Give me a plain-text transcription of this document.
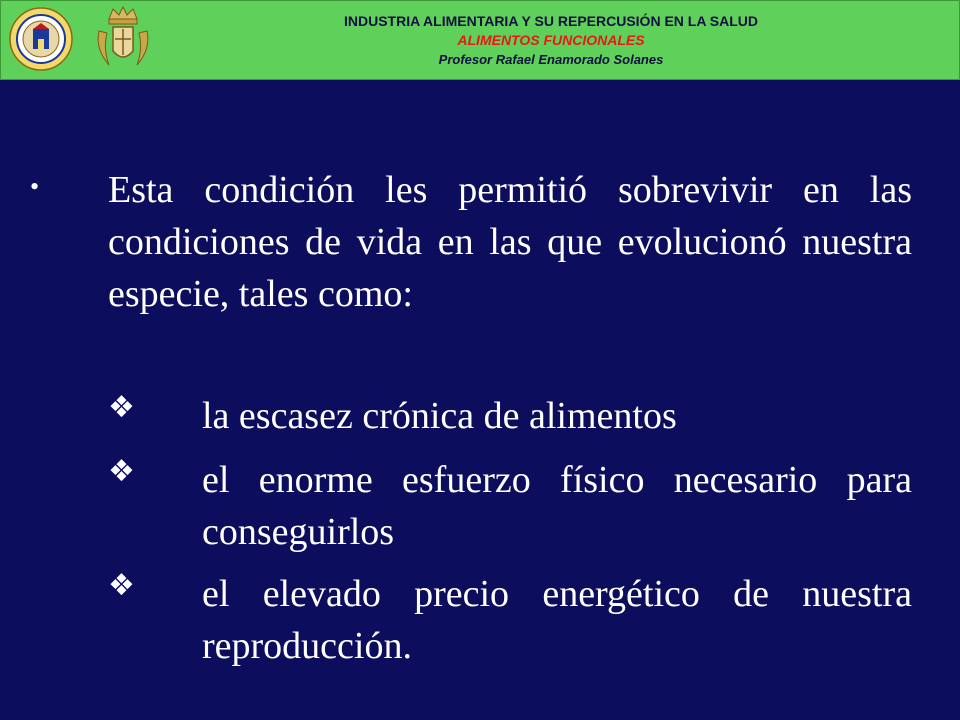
INDUSTRIA ALIMENTARIA Y SU REPERCUSIÓN EN LA SALUD
ALIMENTOS FUNCIONALES
Profesor Rafael Enamorado Solanes
• Esta condición les permitió sobrevivir en las condiciones de vida en las que evolucionó nuestra especie, tales como:
❖ la escasez crónica de alimentos
❖ el enorme esfuerzo físico necesario para conseguirlos
❖ el elevado precio energético de nuestra reproducción.
